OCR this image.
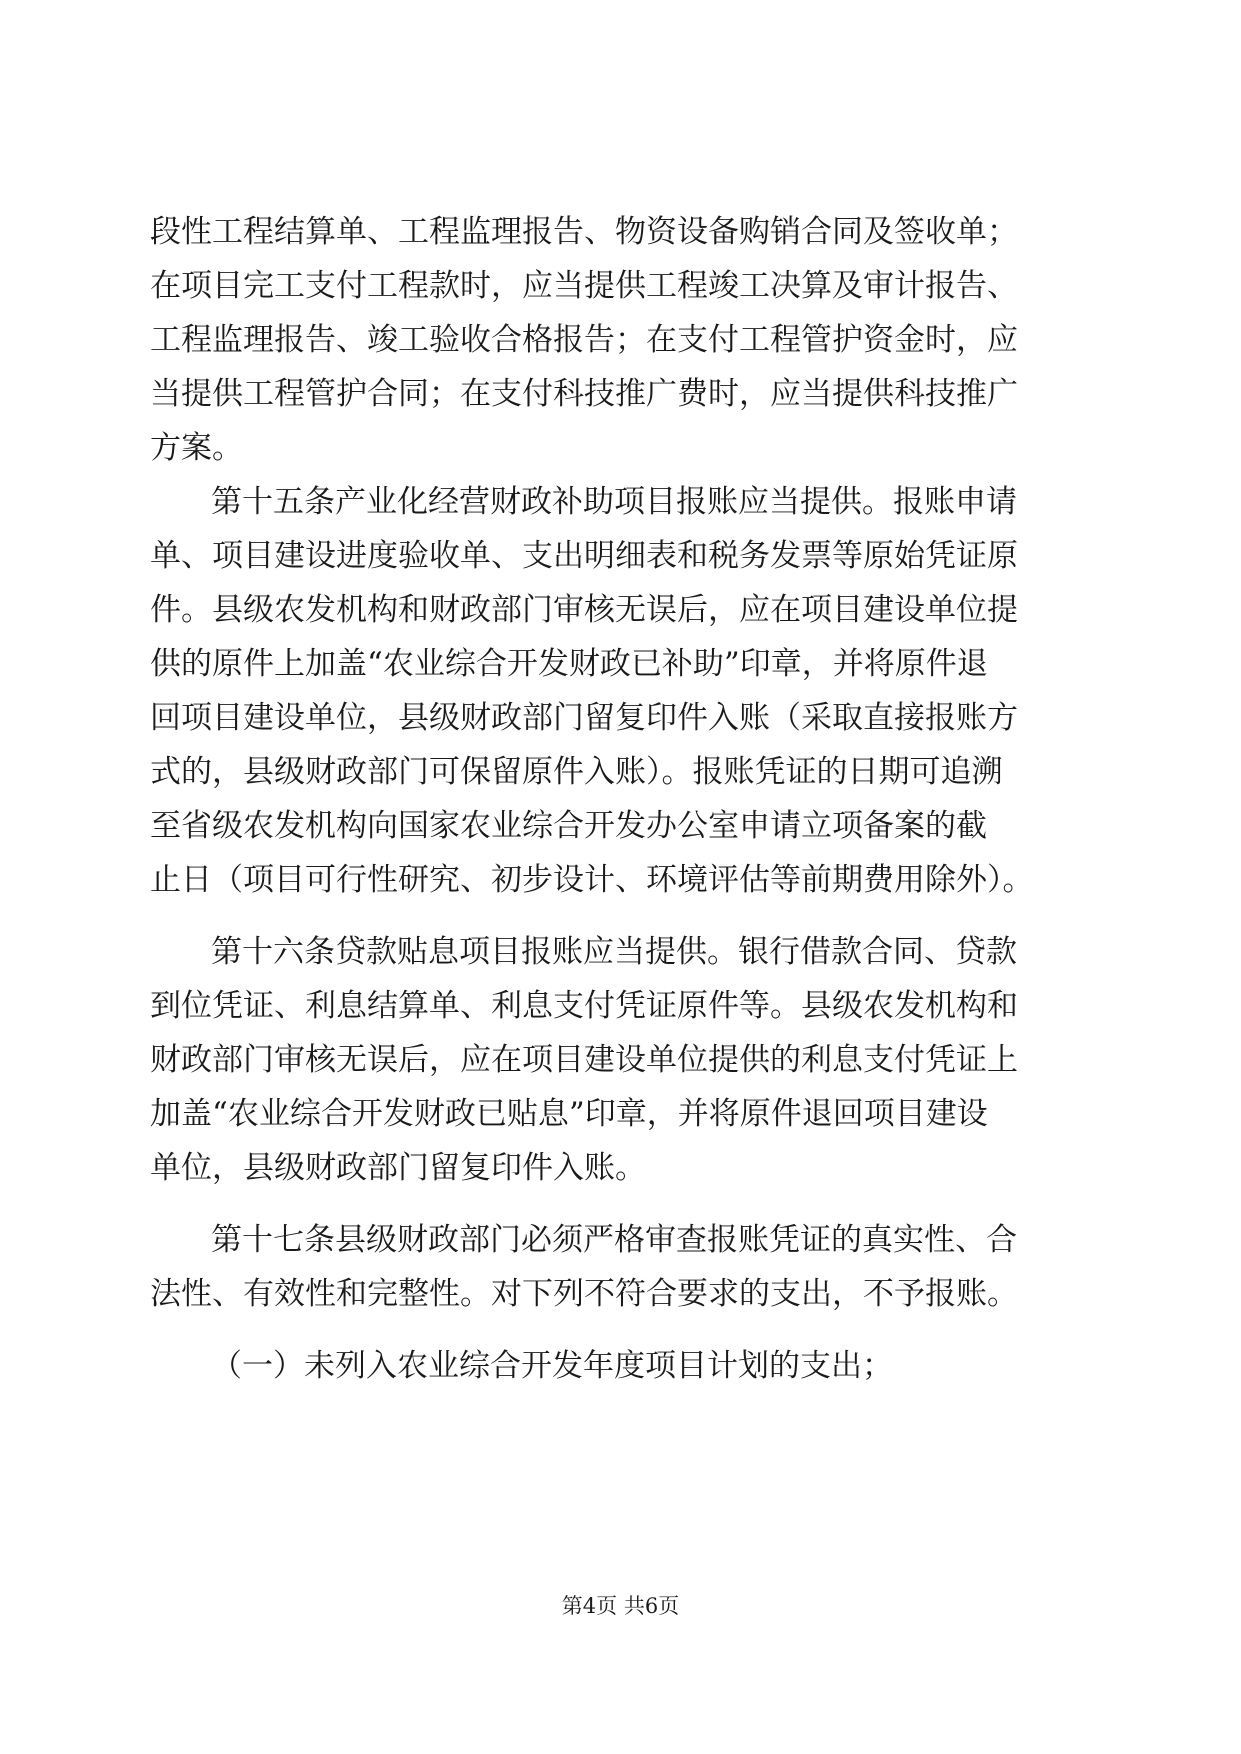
段性工程结算单、工程监理报告、物资设备购销合同及签收单；
在项目完工支付工程款时，应当提供工程竣工决算及审计报告、
工程监理报告、竣工验收合格报告；在支付工程管护资金时，应
当提供工程管护合同；在支付科技推广费时，应当提供科技推广
方案。
第十五条产业化经营财政补助项目报账应当提供。报账申请
单、项目建设进度验收单、支出明细表和税务发票等原始凭证原
件。县级农发机构和财政部门审核无误后，应在项目建设单位提
供的原件上加盖“农业综合开发财政已补助”印章，并将原件退
回项目建设单位，县级财政部门留复印件入账（采取直接报账方
式的，县级财政部门可保留原件入账）。报账凭证的日期可追溯
至省级农发机构向国家农业综合开发办公室申请立项备案的截
止日（项目可行性研究、初步设计、环境评估等前期费用除外）。
第十六条贷款贴息项目报账应当提供。银行借款合同、贷款
到位凭证、利息结算单、利息支付凭证原件等。县级农发机构和
财政部门审核无误后，应在项目建设单位提供的利息支付凭证上
加盖“农业综合开发财政已贴息”印章，并将原件退回项目建设
单位，县级财政部门留复印件入账。
第十七条县级财政部门必须严格审查报账凭证的真实性、合
法性、有效性和完整性。对下列不符合要求的支出，不予报账。
（一）未列入农业综合开发年度项目计划的支出；
第4页 共6页
